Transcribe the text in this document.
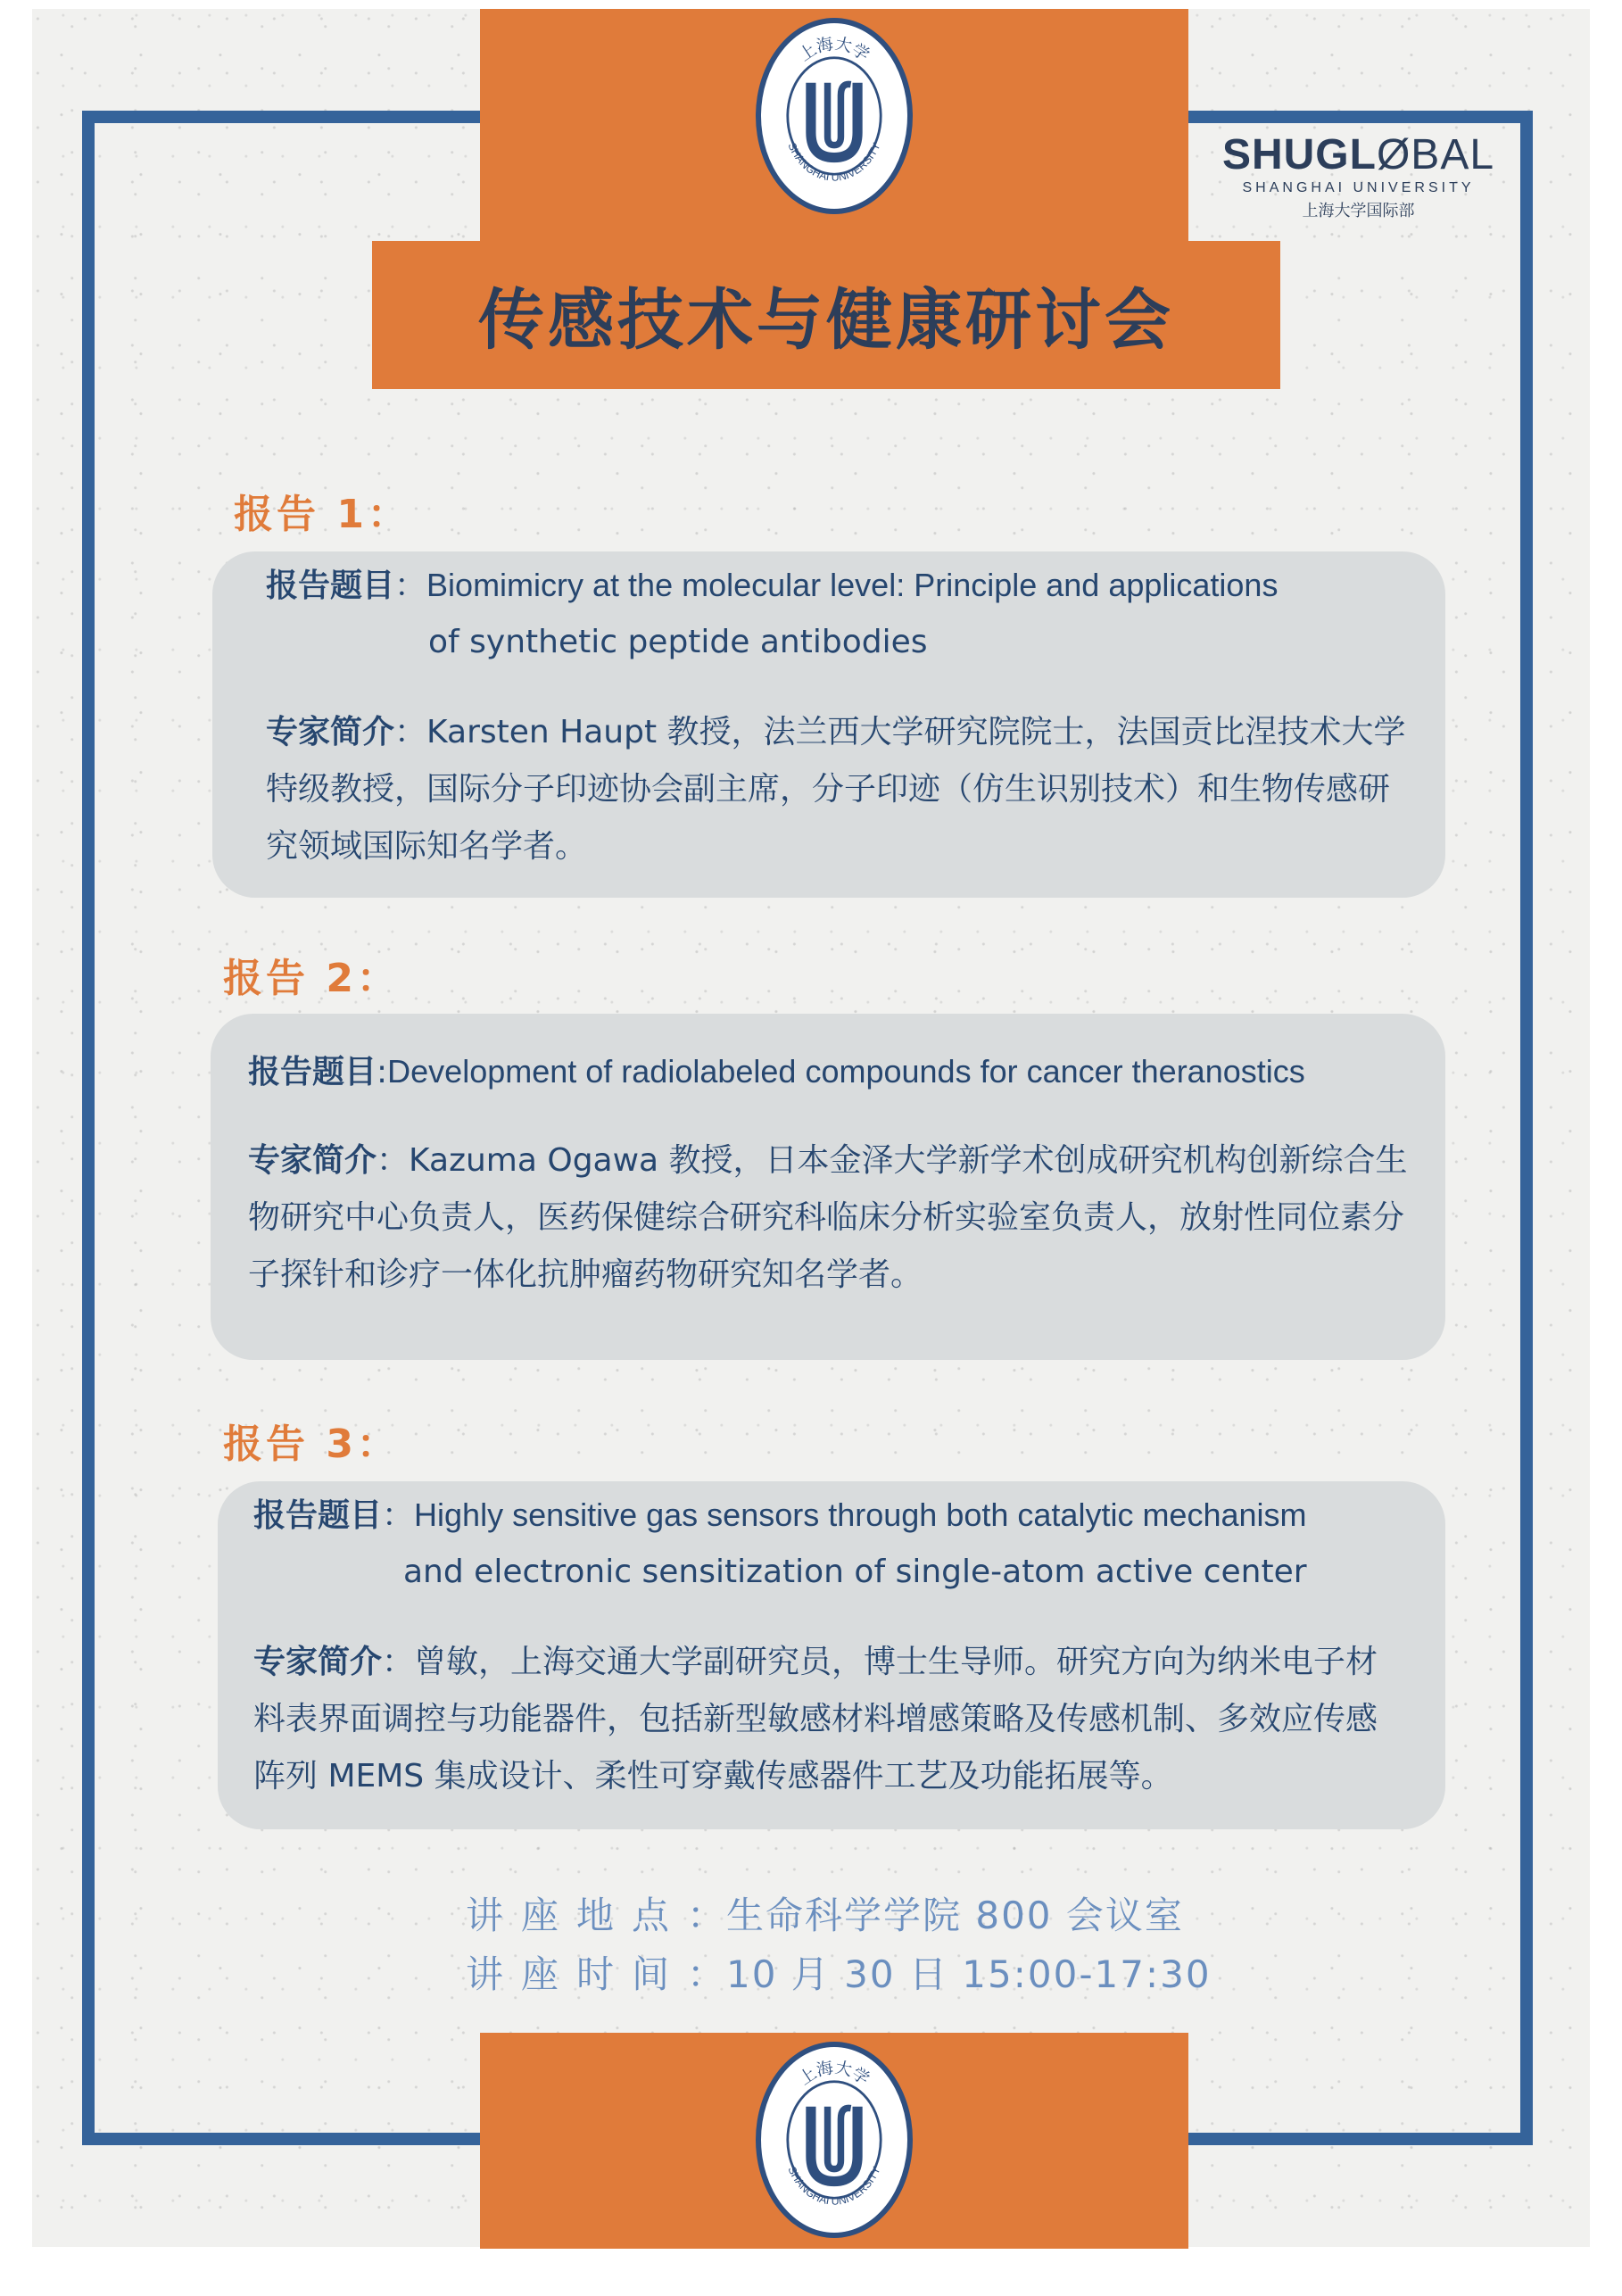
上海大学
SHANGHAI UNIVERSITY
上海大学
SHANGHAI UNIVERSITY
SHUGLØBAL
SHANGHAI UNIVERSITY
上海大学国际部
传感技术与健康研讨会
报告 1：
报告题目：Biomimicry at the molecular level: Principle and applications
of synthetic peptide antibodies
专家简介：Karsten Haupt 教授，法兰西大学研究院院士，法国贡比涅技术大学
特级教授，国际分子印迹协会副主席，分子印迹（仿生识别技术）和生物传感研
究领域国际知名学者。
报告 2：
报告题目:Development of radiolabeled compounds for cancer theranostics
专家简介：Kazuma Ogawa 教授，日本金泽大学新学术创成研究机构创新综合生
物研究中心负责人，医药保健综合研究科临床分析实验室负责人，放射性同位素分
子探针和诊疗一体化抗肿瘤药物研究知名学者。
报告 3：
报告题目：Highly sensitive gas sensors through both catalytic mechanism
and electronic sensitization of single-atom active center
专家简介：曾敏，上海交通大学副研究员，博士生导师。研究方向为纳米电子材
料表界面调控与功能器件，包括新型敏感材料增感策略及传感机制、多效应传感
阵列 MEMS 集成设计、柔性可穿戴传感器件工艺及功能拓展等。
讲座地点：生命科学学院 800 会议室
讲座时间：10 月 30 日 15:00-17:30
